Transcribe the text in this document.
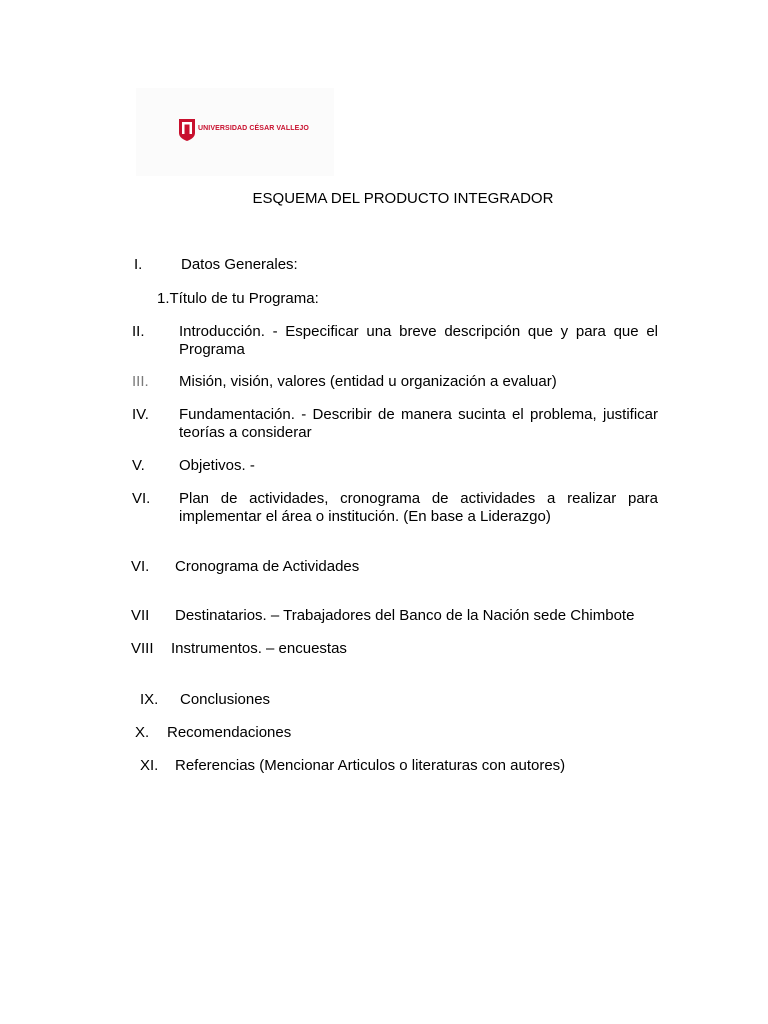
UNIVERSIDAD CÉSAR VALLEJO
ESQUEMA DEL PRODUCTO INTEGRADOR
I.	Datos Generales:
1.Título de tu Programa:
II. Introducción. - Especificar una breve descripción que y para que el Programa
III. Misión, visión, valores (entidad u organización a evaluar)
IV. Fundamentación. - Describir de manera sucinta el problema, justificar teorías a considerar
V. Objetivos. -
VI. Plan de actividades, cronograma de actividades a realizar para implementar el área o institución. (En base a Liderazgo)
VI. Cronograma de Actividades
VII Destinatarios. – Trabajadores del Banco de la Nación sede Chimbote
VIII Instrumentos. – encuestas
IX. Conclusiones
X. Recomendaciones
XI. Referencias (Mencionar Articulos o literaturas con autores)
